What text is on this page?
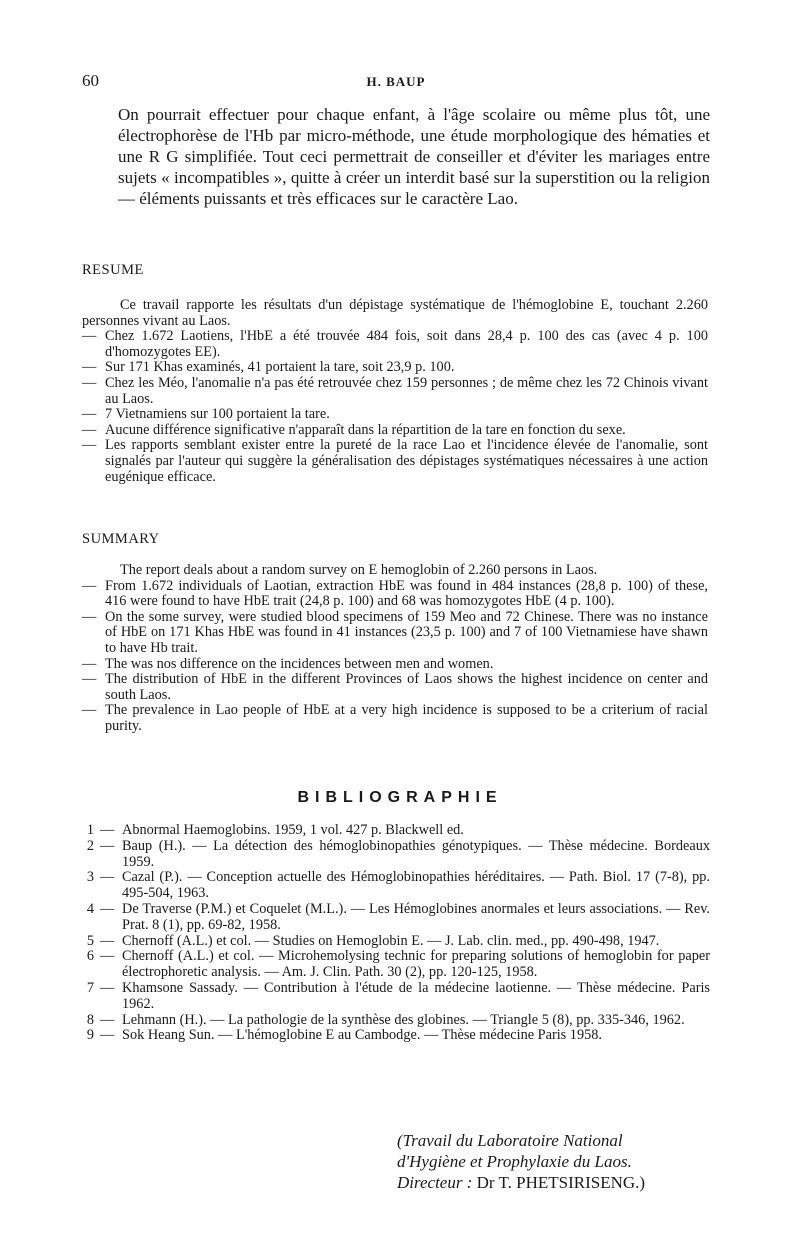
60	H. BAUP

On pourrait effectuer pour chaque enfant, à l'âge scolaire ou même plus tôt, une électrophorèse de l'Hb par micro-méthode, une étude morphologique des hématies et une R G simplifiée. Tout ceci permettrait de conseiller et d'éviter les mariages entre sujets « incompatibles », quitte à créer un interdit basé sur la superstition ou la religion — éléments puissants et très efficaces sur le caractère Lao.

RESUME

Ce travail rapporte les résultats d'un dépistage systématique de l'hémoglobine E, touchant 2.260 personnes vivant au Laos.

— Chez 1.672 Laotiens, l'HbE a été trouvée 484 fois, soit dans 28,4 p. 100 des cas (avec 4 p. 100 d'homozygotes EE).

— Sur 171 Khas examinés, 41 portaient la tare, soit 23,9 p. 100.

— Chez les Méo, l'anomalie n'a pas été retrouvée chez 159 personnes ; de même chez les 72 Chinois vivant au Laos.

— 7 Vietnamiens sur 100 portaient la tare.

— Aucune différence significative n'apparaît dans la répartition de la tare en fonction du sexe.

— Les rapports semblant exister entre la pureté de la race Lao et l'incidence élevée de l'anomalie, sont signalés par l'auteur qui suggère la généralisation des dépistages systématiques nécessaires à une action eugénique efficace.

SUMMARY

The report deals about a random survey on E hemoglobin of 2.260 persons in Laos.

— From 1.672 individuals of Laotian, extraction HbE was found in 484 instances (28,8 p. 100) of these, 416 were found to have HbE trait (24,8 p. 100) and 68 was homozygotes HbE (4 p. 100).

— On the some survey, were studied blood specimens of 159 Meo and 72 Chinese. There was no instance of HbE on 171 Khas HbE was found in 41 instances (23,5 p. 100) and 7 of 100 Vietnamiese have shawn to have Hb trait.

— The was nos difference on the incidences between men and women.

— The distribution of HbE in the different Provinces of Laos shows the highest incidence on center and south Laos.

— The prevalence in Lao people of HbE at a very high incidence is supposed to be a criterium of racial purity.

BIBLIOGRAPHIE
1 — Abnormal Haemoglobins. 1959, 1 vol. 427 p. Blackwell ed.
2 — Baup (H.). — La détection des hémoglobinopathies génotypiques. — Thèse médecine. Bordeaux 1959.
3 — Cazal (P.). — Conception actuelle des Hémoglobinopathies héréditaires. — Path. Biol. 17 (7-8), pp. 495-504, 1963.
4 — De Traverse (P.M.) et Coquelet (M.L.). — Les Hémoglobines anormales et leurs associations. — Rev. Prat. 8 (1), pp. 69-82, 1958.
5 — Chernoff (A.L.) et col. — Studies on Hemoglobin E. — J. Lab. clin. med., pp. 490-498, 1947.
6 — Chernoff (A.L.) et col. — Microhemolysing technic for preparing solutions of hemoglobin for paper électrophoretic analysis. — Am. J. Clin. Path. 30 (2), pp. 120-125, 1958.
7 — Khamsone Sassady. — Contribution à l'étude de la médecine laotienne. — Thèse médecine. Paris 1962.
8 — Lehmann (H.). — La pathologie de la synthèse des globines. — Triangle 5 (8), pp. 335-346, 1962.
9 — Sok Heang Sun. — L'hémoglobine E au Cambodge. — Thèse médecine Paris 1958.
(Travail du Laboratoire National
d'Hygiène et Prophylaxie du Laos.
Directeur : Dr T. PHETSIRISENG.)
